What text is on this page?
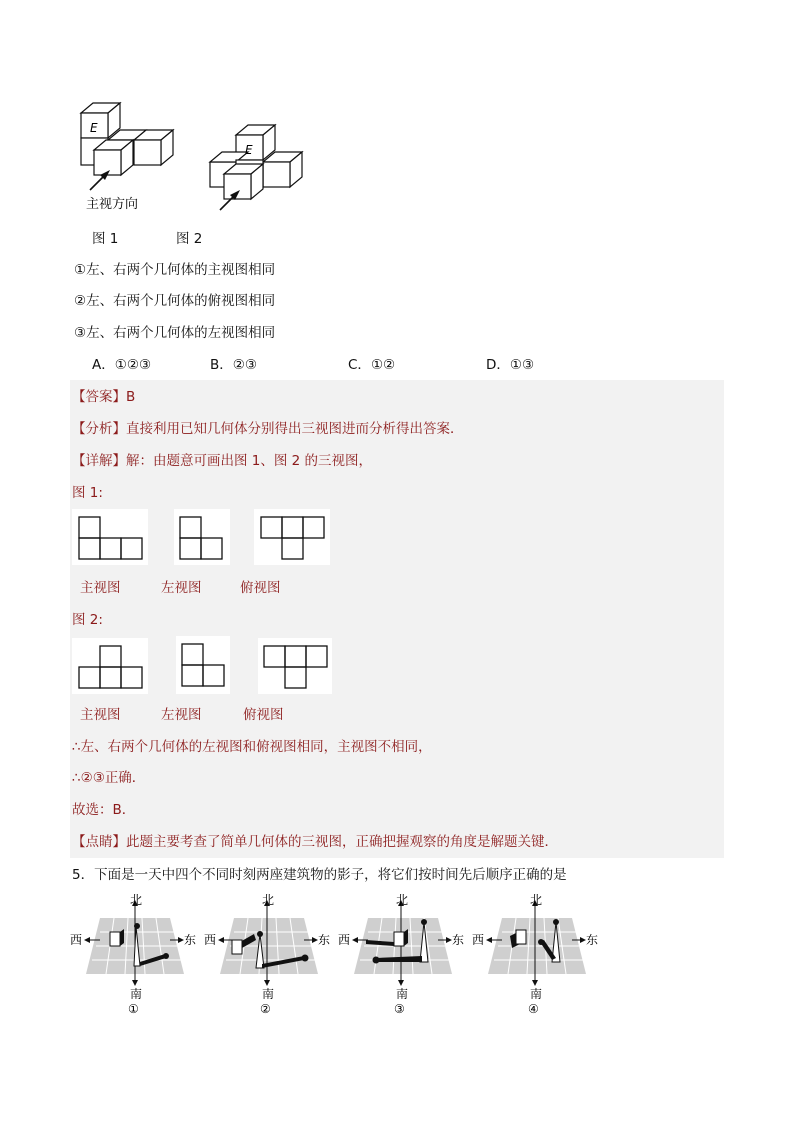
E
主视方向
E
图 1	图 2
①左、右两个几何体的主视图相同
②左、右两个几何体的俯视图相同
③左、右两个几何体的左视图相同
A．①②③	B．②③	C．①②	D．①③
【答案】B
【分析】直接利用已知几何体分别得出三视图进而分析得出答案．
【详解】解：由题意可画出图 1、图 2 的三视图，
图 1:
主视图	左视图	俯视图
图 2:
主视图	左视图	俯视图
∴左、右两个几何体的左视图和俯视图相同，主视图不相同，
∴②③正确．
故选：B．
【点睛】此题主要考查了简单几何体的三视图，正确把握观察的角度是解题关键．
5．下面是一天中四个不同时刻两座建筑物的影子，将它们按时间先后顺序正确的是
北
南
西	东
①
北
南
西	东
②
北
南
西	东
③
北
南
西	东
④
